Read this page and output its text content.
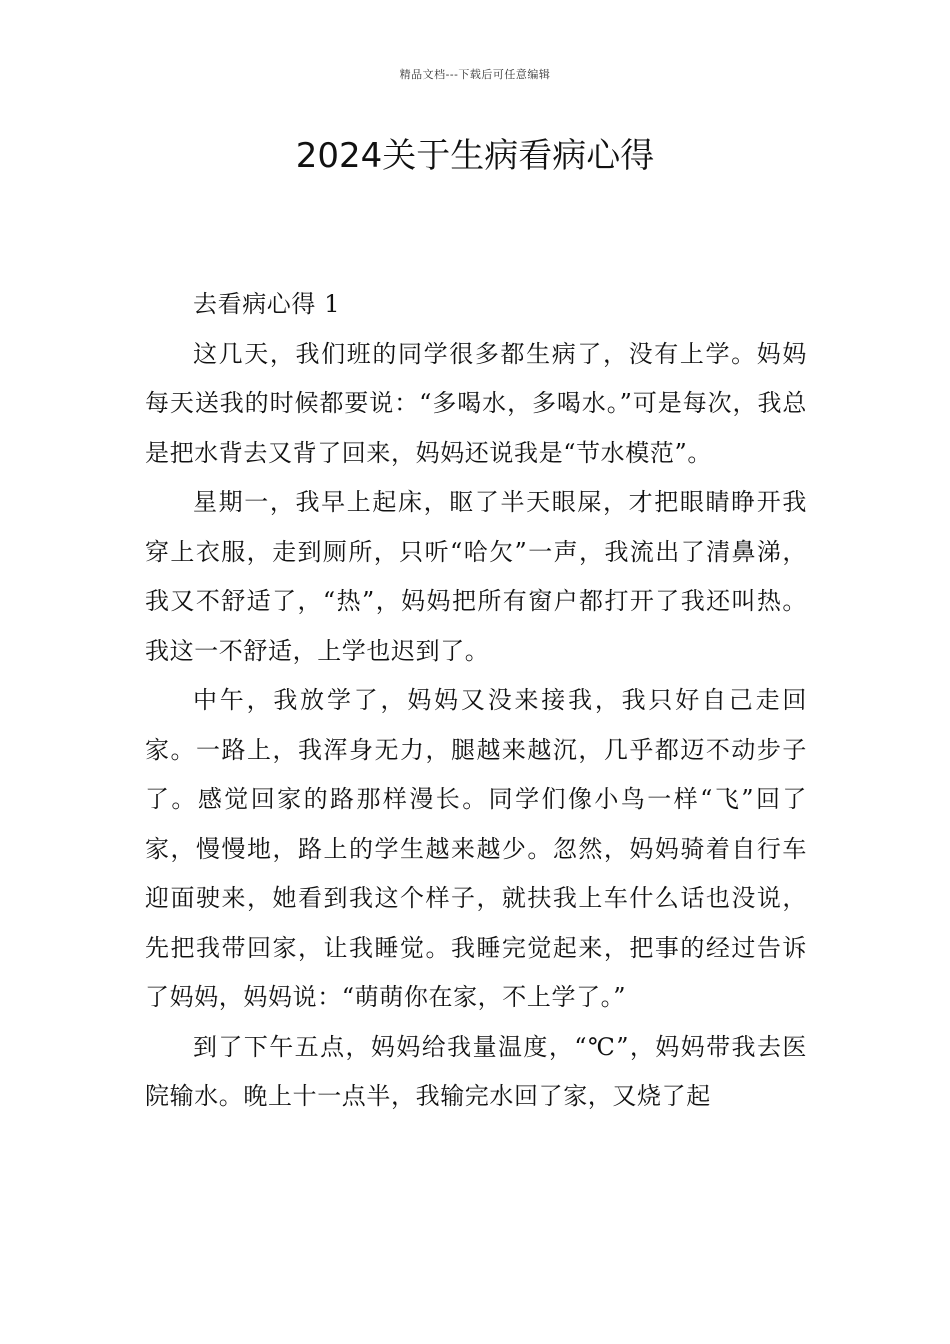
精品文档---下载后可任意编辑
2024关于生病看病心得

去看病心得 1

这几天，我们班的同学很多都生病了，没有上学。妈妈每天送我的时候都要说：“多喝水，多喝水。”可是每次，我总是把水背去又背了回来，妈妈还说我是“节水模范”。

星期一，我早上起床，眍了半天眼屎，才把眼睛睁开我穿上衣服，走到厕所，只听“哈欠”一声，我流出了清鼻涕，我又不舒适了，“热”，妈妈把所有窗户都打开了我还叫热。我这一不舒适，上学也迟到了。

中午，我放学了，妈妈又没来接我，我只好自己走回家。一路上，我浑身无力，腿越来越沉，几乎都迈不动步子了。感觉回家的路那样漫长。同学们像小鸟一样“飞”回了家，慢慢地，路上的学生越来越少。忽然，妈妈骑着自行车迎面驶来，她看到我这个样子，就扶我上车什么话也没说，先把我带回家，让我睡觉。我睡完觉起来，把事的经过告诉了妈妈，妈妈说：“萌萌你在家，不上学了。”

到了下午五点，妈妈给我量温度，“℃”，妈妈带我去医院输水。晚上十一点半，我输完水回了家，又烧了起
